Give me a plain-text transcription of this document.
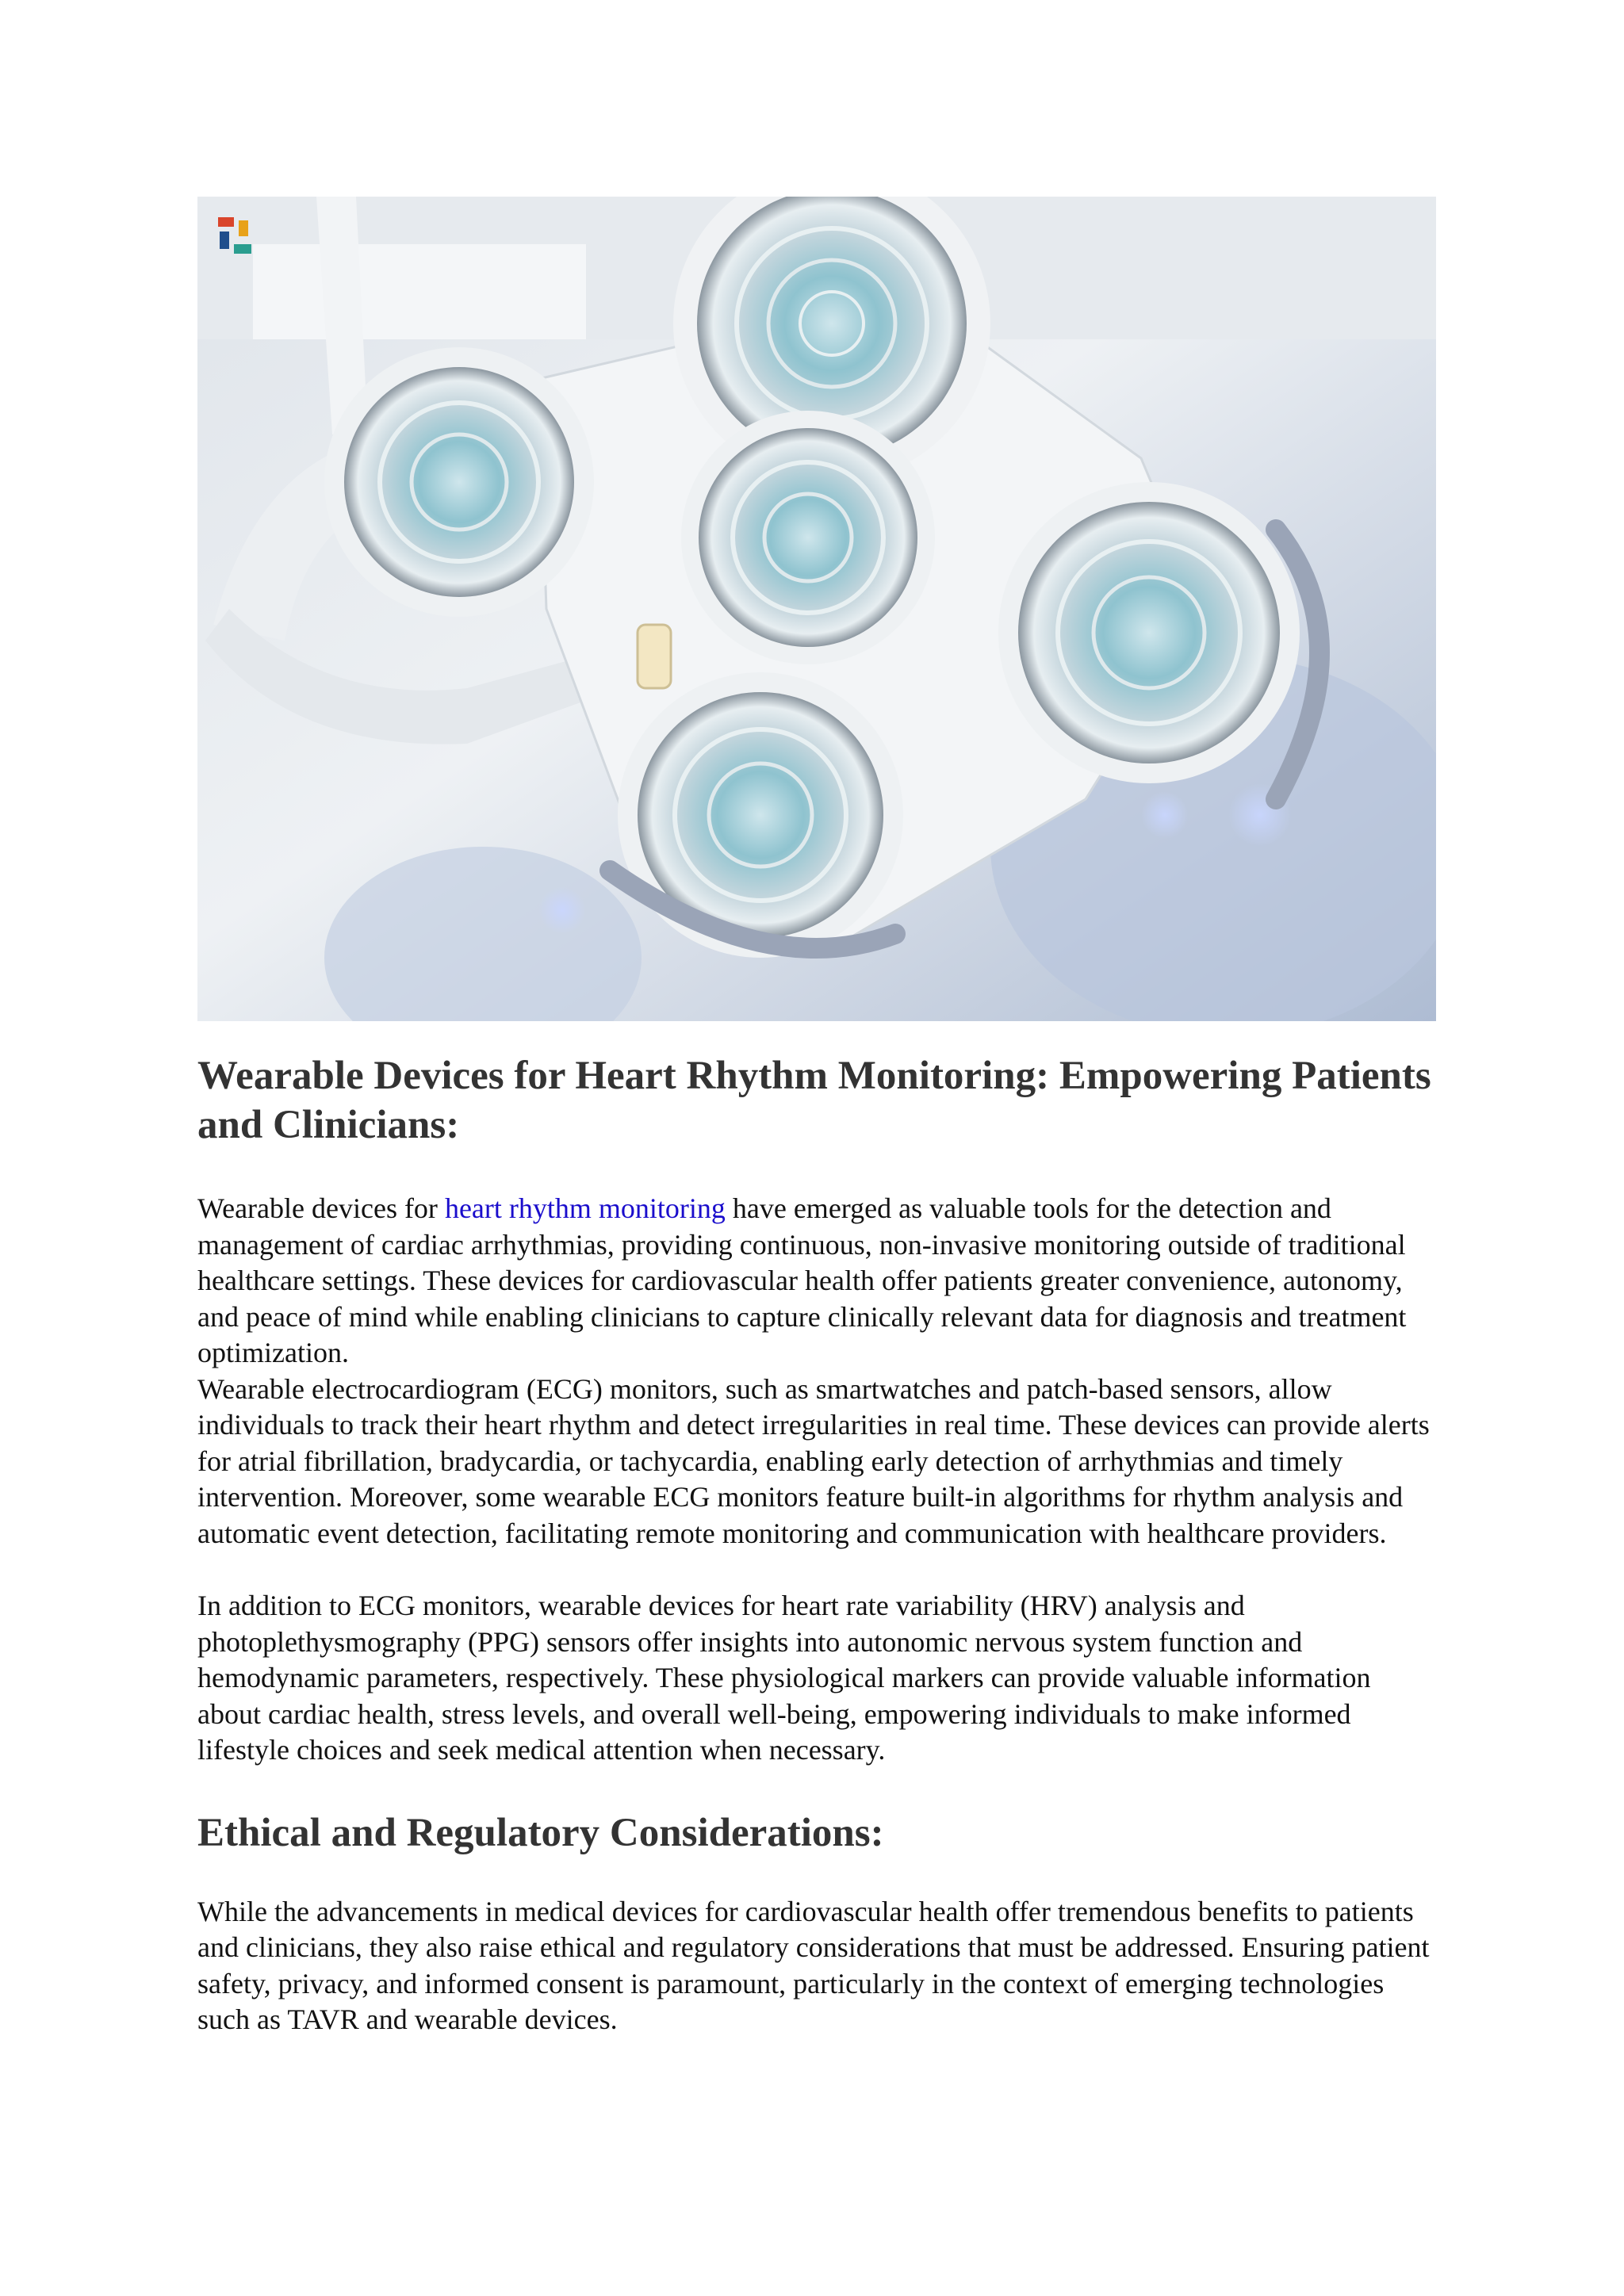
Wearable Devices for Heart Rhythm Monitoring: Empowering Patients and Clinicians:

Wearable devices for heart rhythm monitoring have emerged as valuable tools for the detection and management of cardiac arrhythmias, providing continuous, non-invasive monitoring outside of traditional healthcare settings. These devices for cardiovascular health offer patients greater convenience, autonomy, and peace of mind while enabling clinicians to capture clinically relevant data for diagnosis and treatment optimization.

Wearable electrocardiogram (ECG) monitors, such as smartwatches and patch-based sensors, allow individuals to track their heart rhythm and detect irregularities in real time. These devices can provide alerts for atrial fibrillation, bradycardia, or tachycardia, enabling early detection of arrhythmias and timely intervention. Moreover, some wearable ECG monitors feature built-in algorithms for rhythm analysis and automatic event detection, facilitating remote monitoring and communication with healthcare providers.

In addition to ECG monitors, wearable devices for heart rate variability (HRV) analysis and photoplethysmography (PPG) sensors offer insights into autonomic nervous system function and hemodynamic parameters, respectively. These physiological markers can provide valuable information about cardiac health, stress levels, and overall well-being, empowering individuals to make informed lifestyle choices and seek medical attention when necessary.

Ethical and Regulatory Considerations:

While the advancements in medical devices for cardiovascular health offer tremendous benefits to patients and clinicians, they also raise ethical and regulatory considerations that must be addressed. Ensuring patient safety, privacy, and informed consent is paramount, particularly in the context of emerging technologies such as TAVR and wearable devices.
